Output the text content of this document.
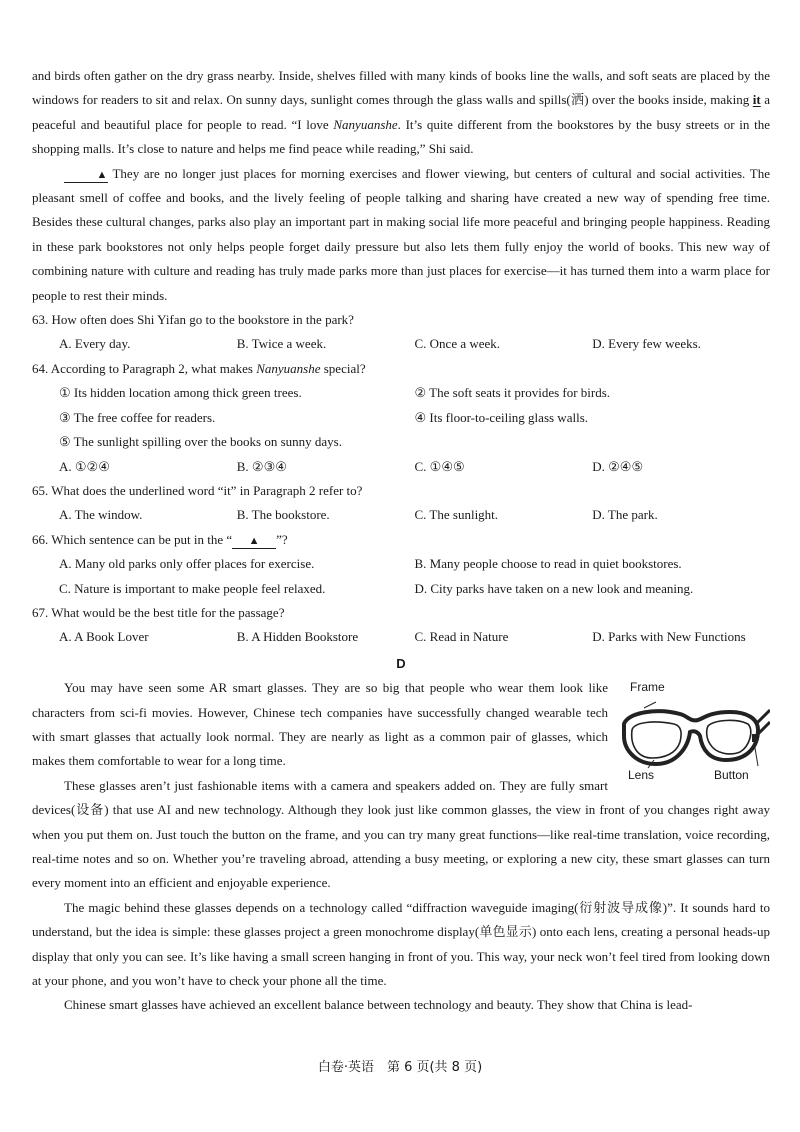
and birds often gather on the dry grass nearby. Inside, shelves filled with many kinds of books line the walls, and soft seats are placed by the windows for readers to sit and relax. On sunny days, sunlight comes through the glass walls and spills(洒) over the books inside, making it a peaceful and beautiful place for people to read. “I love Nanyuanshe. It’s quite different from the bookstores by the busy streets or in the shopping malls. It’s close to nature and helps me find peace while reading,” Shi said.

▲ They are no longer just places for morning exercises and flower viewing, but centers of cultural and social activities. The pleasant smell of coffee and books, and the lively feeling of people talking and sharing have created a new way of spending free time. Besides these cultural changes, parks also play an important part in making social life more peaceful and bringing people happiness. Reading in these park bookstores not only helps people forget daily pressure but also lets them fully enjoy the world of books. This new way of combining nature with culture and reading has truly made parks more than just places for exercise—it has turned them into a warm place for people to rest their minds.

63. How often does Shi Yifan go to the bookstore in the park?

A. Every day.	B. Twice a week.	C. Once a week.	D. Every few weeks.

64. According to Paragraph 2, what makes Nanyuanshe special?

① Its hidden location among thick green trees.	② The soft seats it provides for birds.
③ The free coffee for readers.	④ Its floor-to-ceiling glass walls.
⑤ The sunlight spilling over the books on sunny days.
A. ①②④	B. ②③④	C. ①④⑤	D. ②④⑤

65. What does the underlined word “it” in Paragraph 2 refer to?

A. The window.	B. The bookstore.	C. The sunlight.	D. The park.

66. Which sentence can be put in the “ ▲ ”?

A. Many old parks only offer places for exercise.	B. Many people choose to read in quiet bookstores.
C. Nature is important to make people feel relaxed.	D. City parks have taken on a new look and meaning.

67. What would be the best title for the passage?

A. A Book Lover	B. A Hidden Bookstore	C. Read in Nature	D. Parks with New Functions
D
Frame
Lens	Button

You may have seen some AR smart glasses. They are so big that people who wear them look like characters from sci-fi movies. However, Chinese tech companies have successfully changed wearable tech with smart glasses that actually look normal. They are nearly as light as a common pair of glasses, which makes them comfortable to wear for a long time.

These glasses aren’t just fashionable items with a camera and speakers added on. They are fully smart devices(设备) that use AI and new technology. Although they look just like common glasses, the view in front of you changes right away when you put them on. Just touch the button on the frame, and you can try many great functions—like real-time translation, voice recording, real-time notes and so on. Whether you’re traveling abroad, attending a busy meeting, or exploring a new city, these smart glasses can turn every moment into an efficient and enjoyable experience.

The magic behind these glasses depends on a technology called “diffraction waveguide imaging(衍射波导成像)”. It sounds hard to understand, but the idea is simple: these glasses project a green monochrome display(单色显示) onto each lens, creating a personal heads-up display that only you can see. It’s like having a small screen hanging in front of you. This way, your neck won’t feel tired from looking down at your phone, and you won’t have to check your phone all the time.

Chinese smart glasses have achieved an excellent balance between technology and beauty. They show that China is lead-

白卷·英语　第 6 页(共 8 页)
